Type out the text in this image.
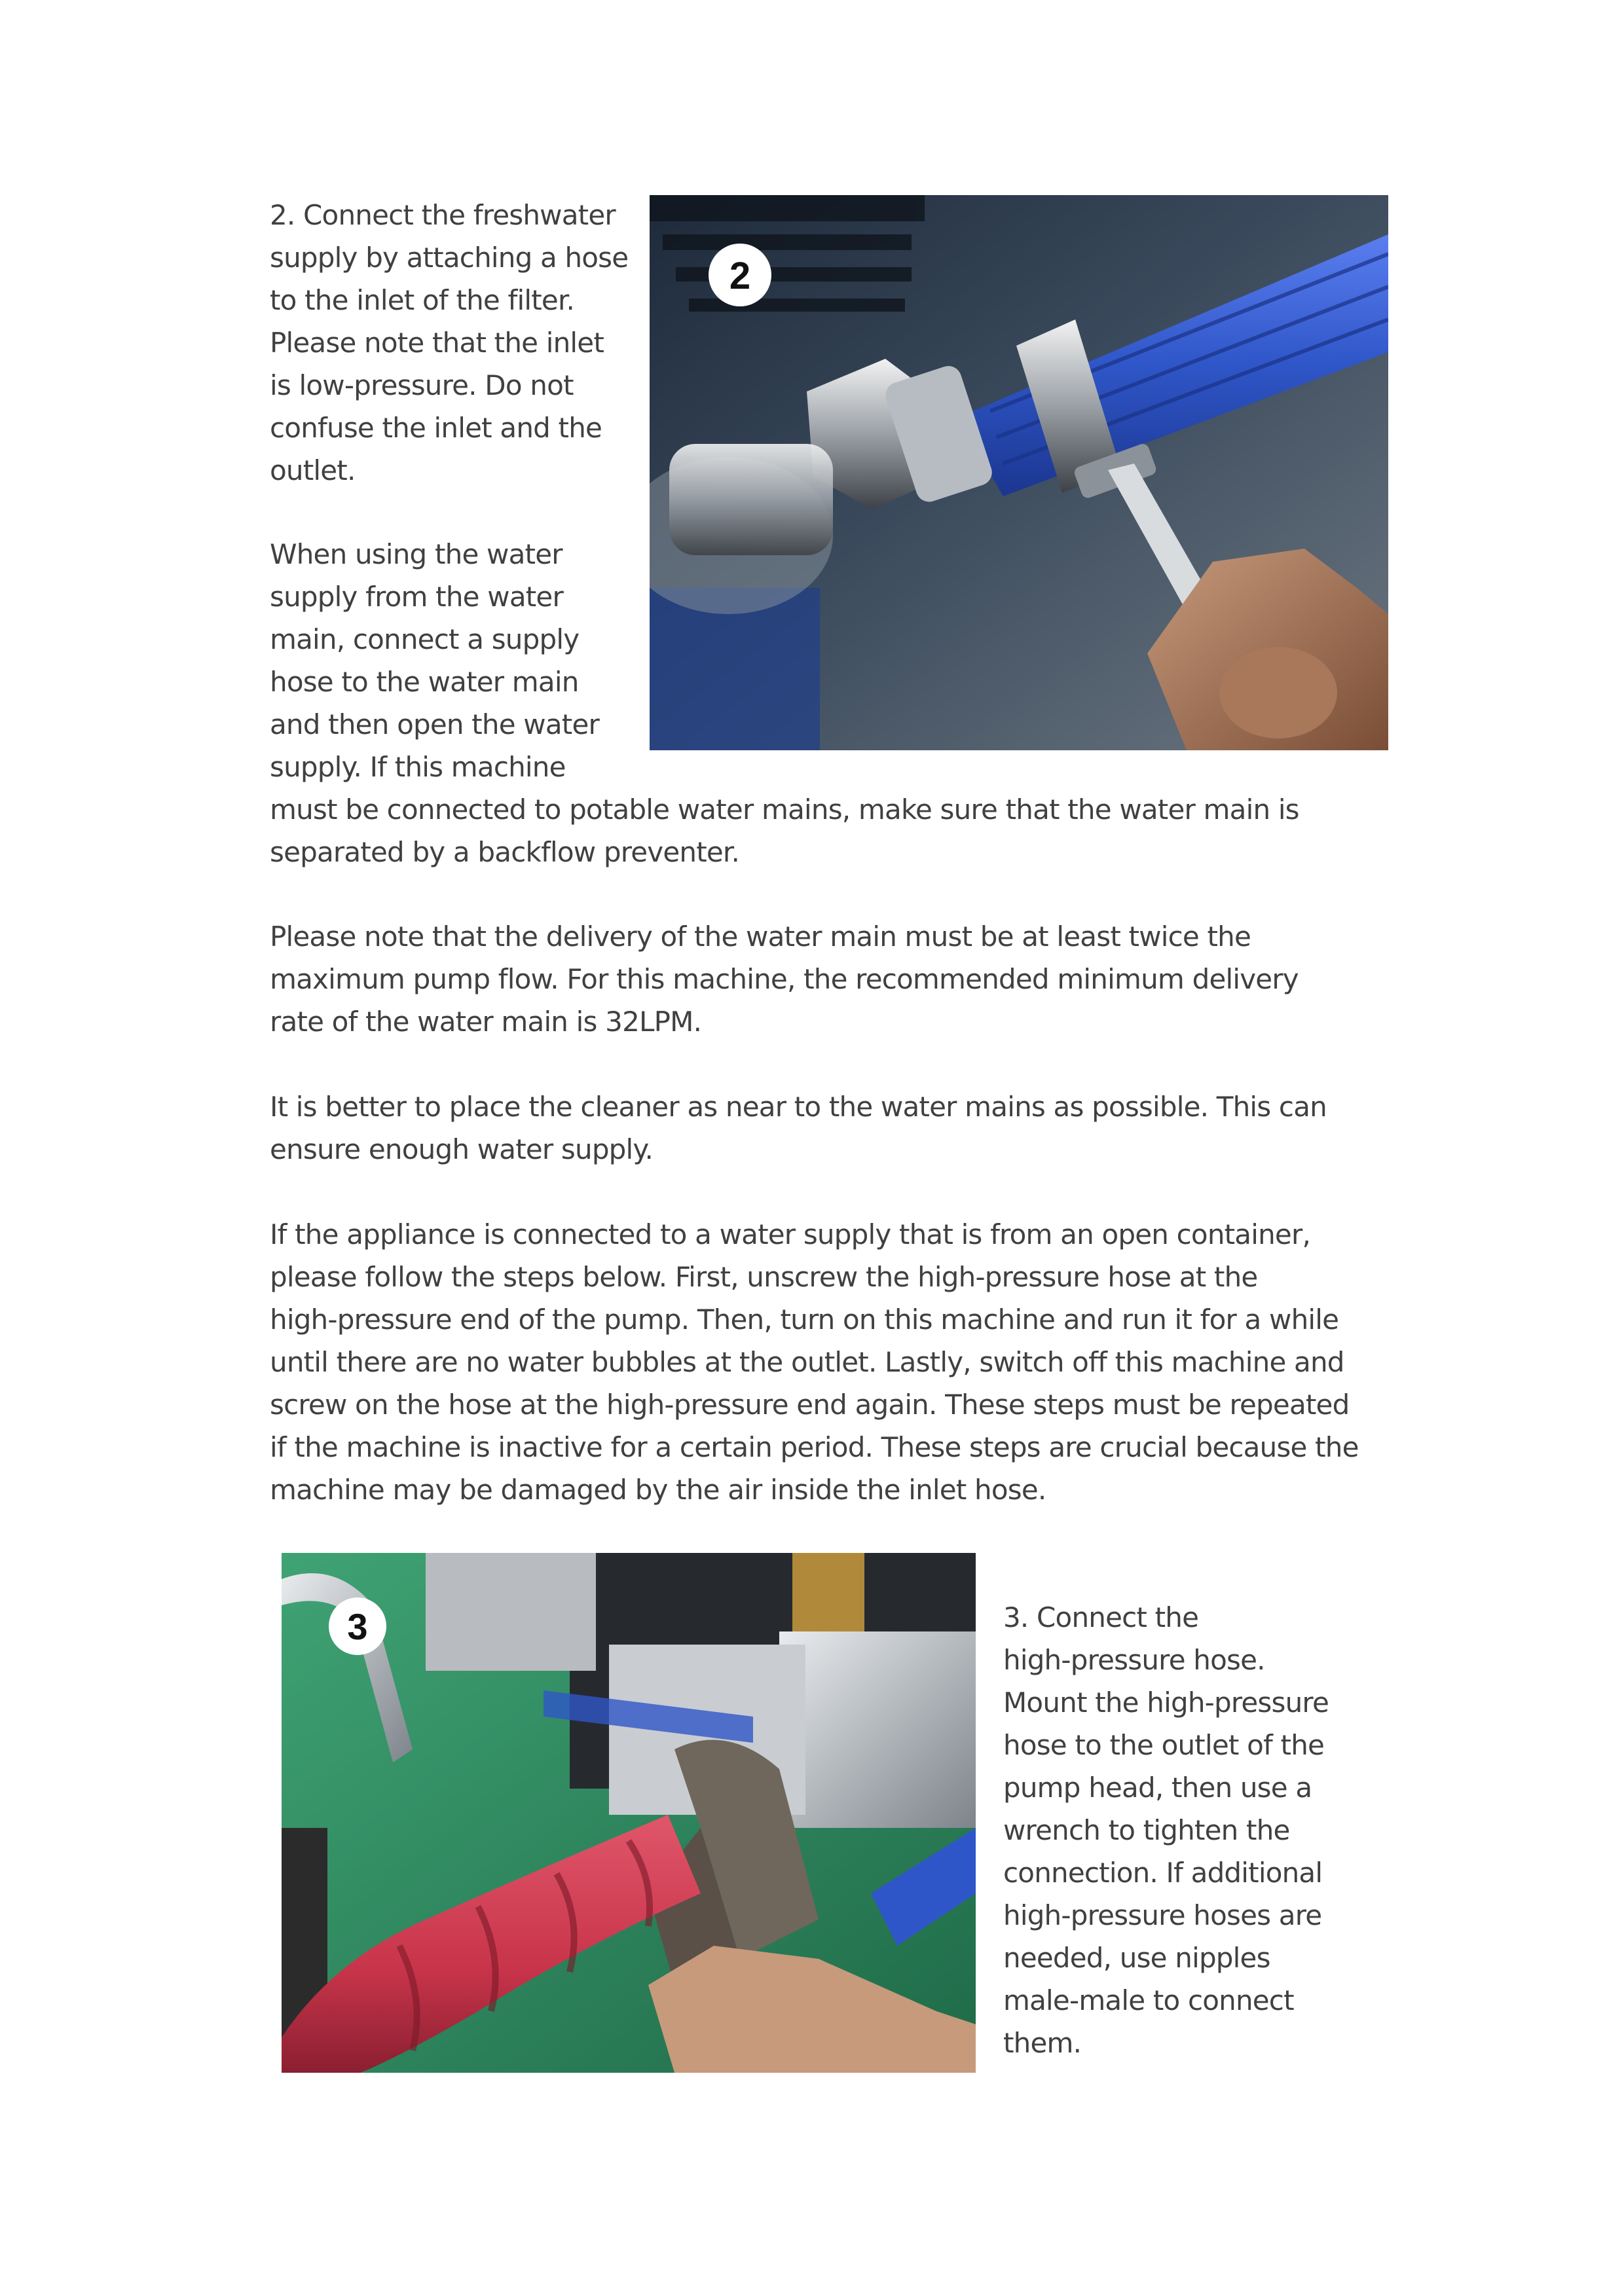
2. Connect the freshwater
supply by attaching a hose
to the inlet of the filter.
Please note that the inlet
is low-pressure. Do not
confuse the inlet and the
outlet.
When using the water
supply from the water
main, connect a supply
hose to the water main
and then open the water
supply. If this machine
must be connected to potable water mains, make sure that the water main is
separated by a backflow preventer.
2
Please note that the delivery of the water main must be at least twice the
maximum pump flow. For this machine, the recommended minimum delivery
rate of the water main is 32LPM.
It is better to place the cleaner as near to the water mains as possible. This can
ensure enough water supply.
If the appliance is connected to a water supply that is from an open container,
please follow the steps below. First, unscrew the high-pressure hose at the
high-pressure end of the pump. Then, turn on this machine and run it for a while
until there are no water bubbles at the outlet. Lastly, switch off this machine and
screw on the hose at the high-pressure end again. These steps must be repeated
if the machine is inactive for a certain period. These steps are crucial because the
machine may be damaged by the air inside the inlet hose.
3	3. Connect the
high-pressure hose.
Mount the high-pressure
hose to the outlet of the
pump head, then use a
wrench to tighten the
connection. If additional
high-pressure hoses are
needed, use nipples
male-male to connect
them.
